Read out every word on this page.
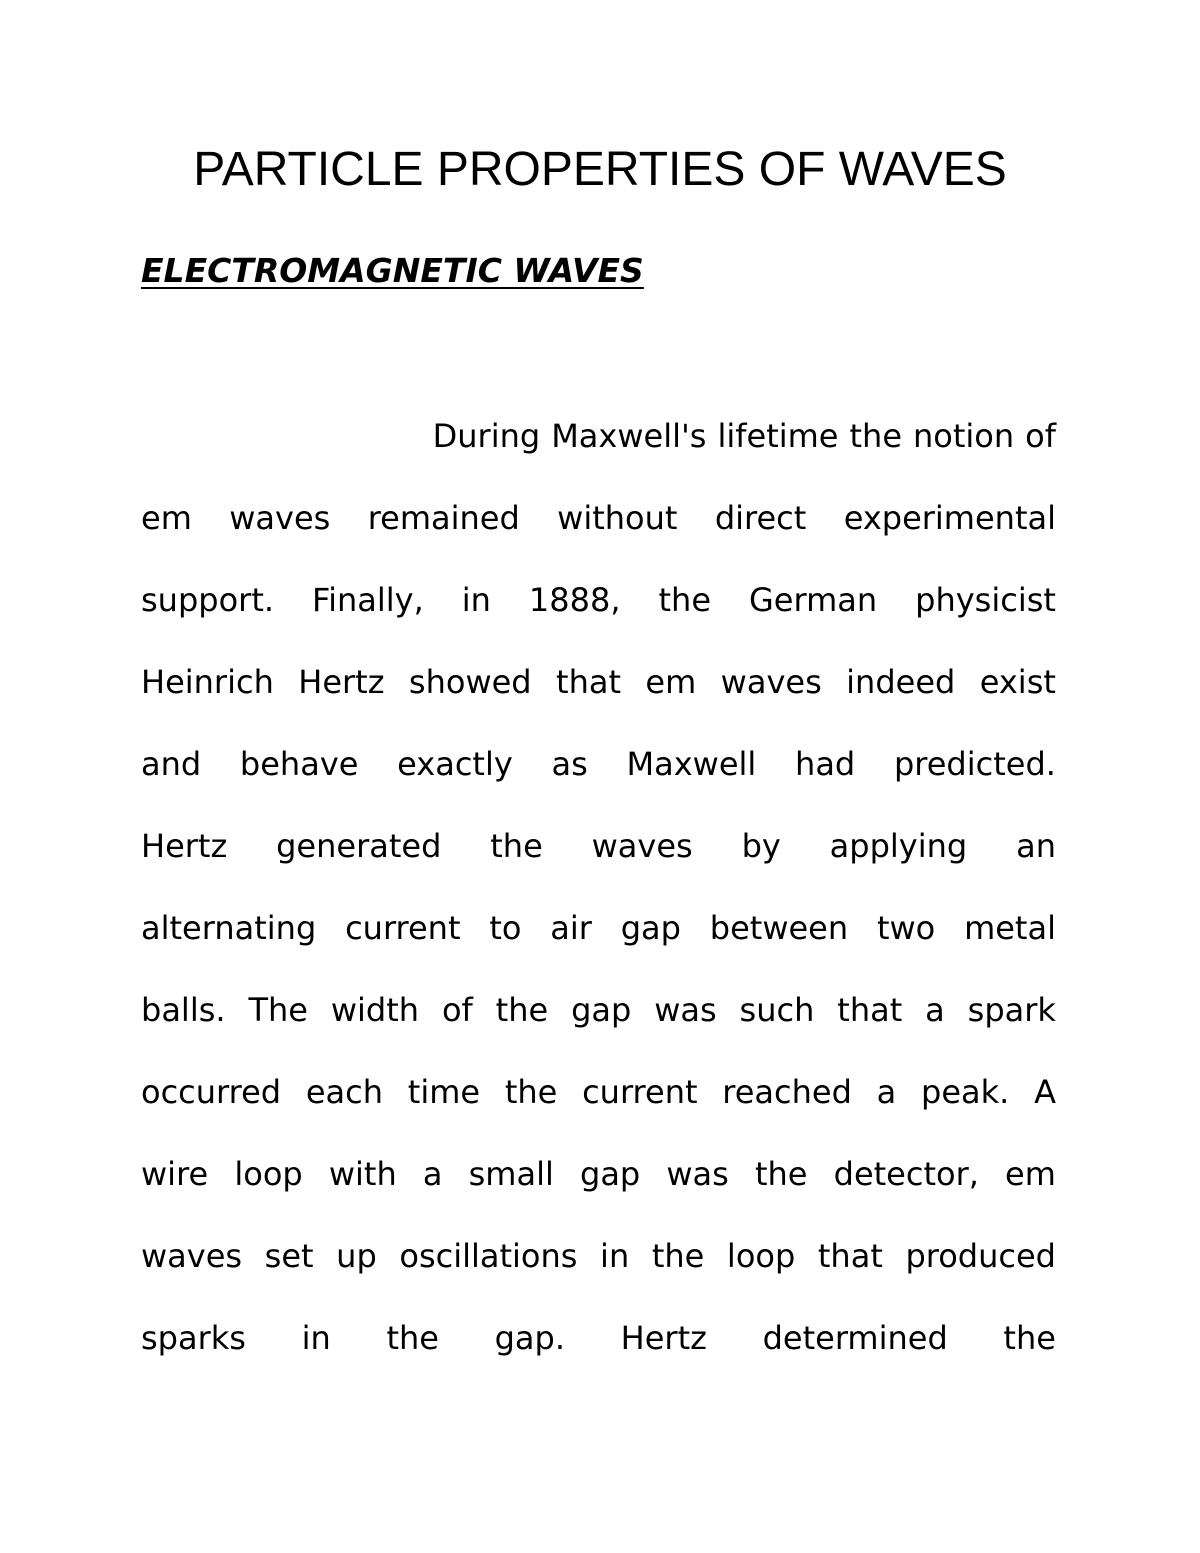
PARTICLE PROPERTIES OF WAVES
ELECTROMAGNETIC WAVES
During Maxwell's lifetime the notion of
em waves remained without direct experimental
support. Finally, in 1888, the German physicist
Heinrich Hertz showed that em waves indeed exist
and behave exactly as Maxwell had predicted.
Hertz generated the waves by applying an
alternating current to air gap between two metal
balls. The width of the gap was such that a spark
occurred each time the current reached a peak. A
wire loop with a small gap was the detector, em
waves set up oscillations in the loop that produced
sparks in the gap. Hertz determined the
